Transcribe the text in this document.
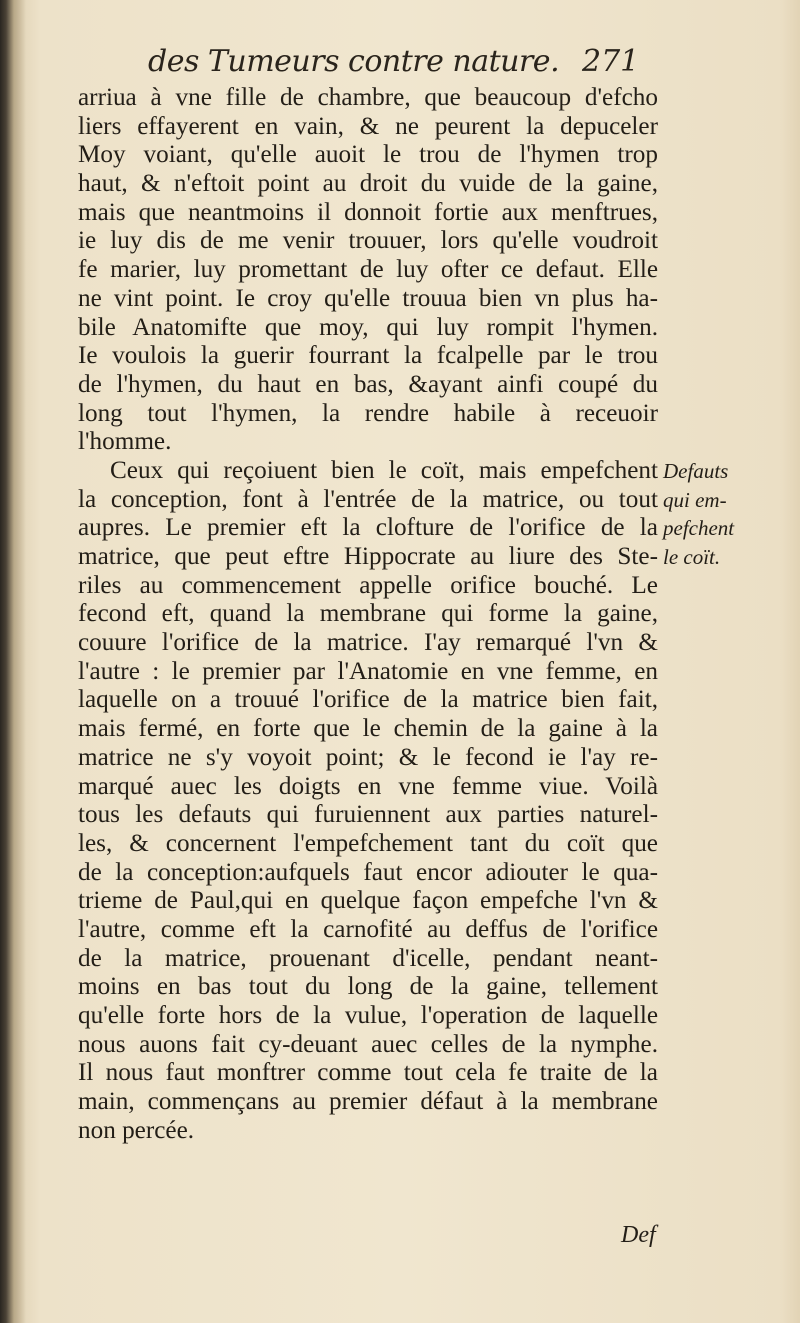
des Tumeurs contre nature. 271
arriua à vne fille de chambre, que beaucoup d'efcho
liers effayerent en vain, & ne peurent la depuceler
Moy voiant, qu'elle auoit le trou de l'hymen trop
haut, & n'eftoit point au droit du vuide de la gaine,
mais que neantmoins il donnoit fortie aux menftrues,
ie luy dis de me venir trouuer, lors qu'elle voudroit
fe marier, luy promettant de luy ofter ce defaut. Elle
ne vint point. Ie croy qu'elle trouua bien vn plus ha-
bile Anatomifte que moy, qui luy rompit l'hymen.
Ie voulois la guerir fourrant la fcalpelle par le trou
de l'hymen, du haut en bas, &ayant ainfi coupé du
long tout l'hymen, la rendre habile à receuoir
l'homme.
Ceux qui reçoiuent bien le coït, mais empefchent
la conception, font à l'entrée de la matrice, ou tout
aupres. Le premier eft la clofture de l'orifice de la
matrice, que peut eftre Hippocrate au liure des Ste-
riles au commencement appelle orifice bouché. Le
fecond eft, quand la membrane qui forme la gaine,
couure l'orifice de la matrice. I'ay remarqué l'vn &
l'autre : le premier par l'Anatomie en vne femme, en
laquelle on a trouué l'orifice de la matrice bien fait,
mais fermé, en forte que le chemin de la gaine à la
matrice ne s'y voyoit point; & le fecond ie l'ay re-
marqué auec les doigts en vne femme viue. Voilà
tous les defauts qui furuiennent aux parties naturel-
les, & concernent l'empefchement tant du coït que
de la conception:aufquels faut encor adiouter le qua-
trieme de Paul,qui en quelque façon empefche l'vn &
l'autre, comme eft la carnofité au deffus de l'orifice
de la matrice, prouenant d'icelle, pendant neant-
moins en bas tout du long de la gaine, tellement
qu'elle forte hors de la vulue, l'operation de laquelle
nous auons fait cy-deuant auec celles de la nymphe.
Il nous faut monftrer comme tout cela fe traite de la
main, commençans au premier défaut à la membrane
non percée.
Defauts
qui em-
pefchent
le coït.
Def
